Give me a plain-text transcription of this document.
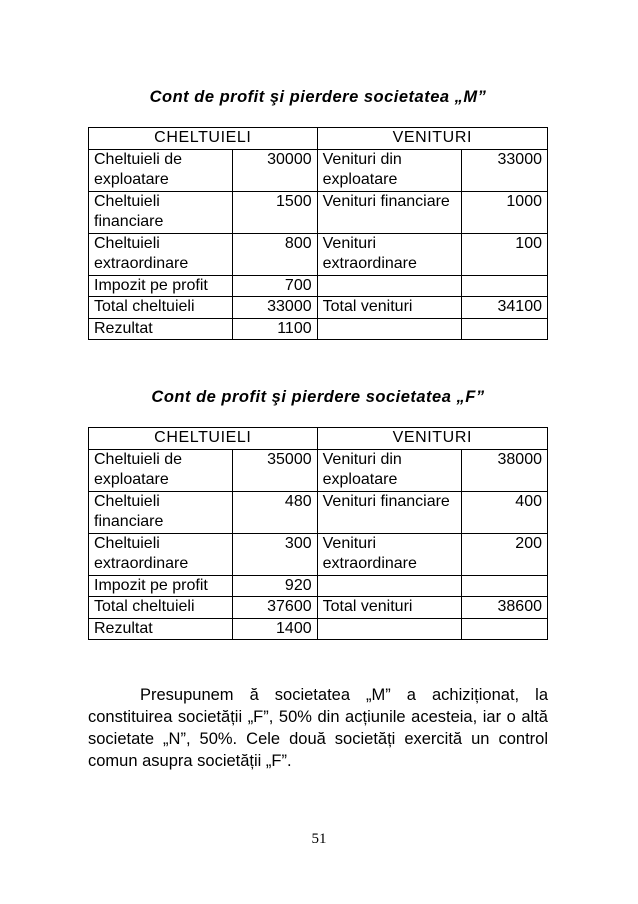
Cont de profit şi pierdere societatea „M”
CHELTUIELI		VENITURI	
Cheltuieli de exploatare	30000	Venituri din exploatare	33000
Cheltuieli financiare	1500	Venituri financiare	1000
Cheltuieli extraordinare	800	Venituri extraordinare	100
Impozit pe profit	700		
Total cheltuieli	33000	Total venituri	34100
Rezultat	1100		
Cont de profit şi pierdere societatea „F”
CHELTUIELI		VENITURI	
Cheltuieli de exploatare	35000	Venituri din exploatare	38000
Cheltuieli financiare	480	Venituri financiare	400
Cheltuieli extraordinare	300	Venituri extraordinare	200
Impozit pe profit	920		
Total cheltuieli	37600	Total venituri	38600
Rezultat	1400		
Presupunem ă societatea „M” a achiziționat, la constituirea societății „F”, 50% din acțiunile acesteia, iar o altă societate „N”, 50%. Cele două societăți exercită un control comun asupra societății „F”.
51
